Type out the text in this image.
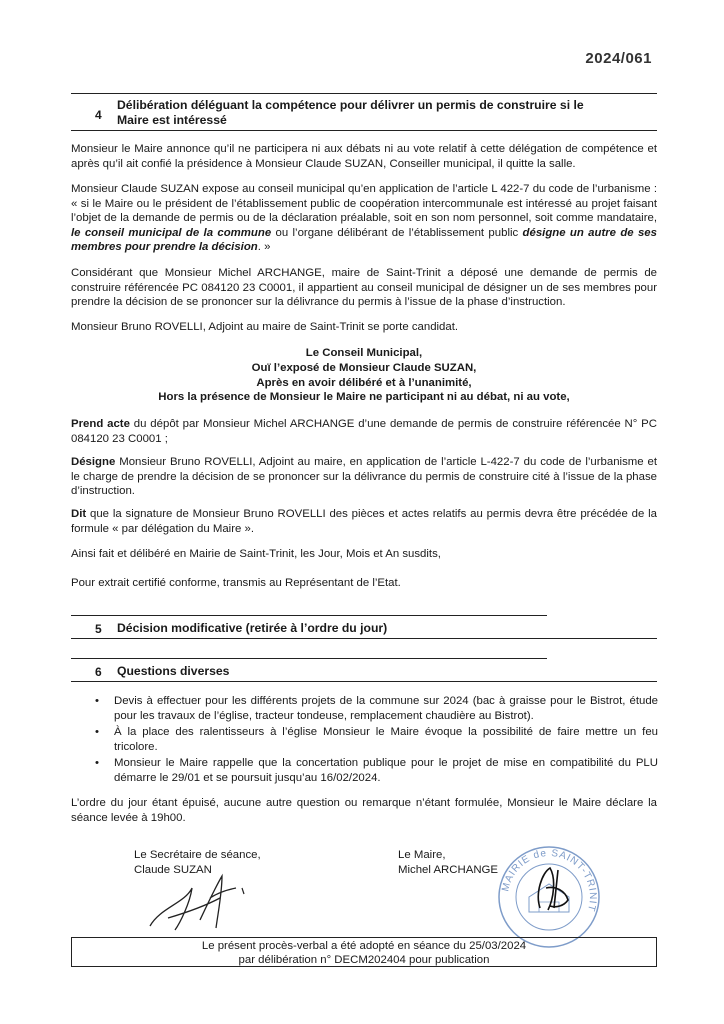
2024/061
4
Délibération déléguant la compétence pour délivrer un permis de construire si le
Maire est intéressé
Monsieur le Maire annonce qu’il ne participera ni aux débats ni au vote relatif à cette délégation de compétence et après qu’il ait confié la présidence à Monsieur Claude SUZAN, Conseiller municipal, il quitte la salle.
Monsieur Claude SUZAN expose au conseil municipal qu’en application de l’article L 422-7 du code de l’urbanisme : « si le Maire ou le président de l’établissement public de coopération intercommunale est intéressé au projet faisant l’objet de la demande de permis ou de la déclaration préalable, soit en son nom personnel, soit comme mandataire, le conseil municipal de la commune ou l’organe délibérant de l’établissement public désigne un autre de ses membres pour prendre la décision. »
Considérant que Monsieur Michel ARCHANGE, maire de Saint-Trinit a déposé une demande de permis de construire référencée PC 084120 23 C0001, il appartient au conseil municipal de désigner un de ses membres pour prendre la décision de se prononcer sur la délivrance du permis à l’issue de la phase d’instruction.
Monsieur Bruno ROVELLI, Adjoint au maire de Saint-Trinit se porte candidat.
Le Conseil Municipal,
Ouï l’exposé de Monsieur Claude SUZAN,
Après en avoir délibéré et à l’unanimité,
Hors la présence de Monsieur le Maire ne participant ni au débat, ni au vote,
Prend acte du dépôt par Monsieur Michel ARCHANGE d’une demande de permis de construire référencée N° PC 084120 23 C0001 ;
Désigne Monsieur Bruno ROVELLI, Adjoint au maire, en application de l’article L-422-7 du code de l’urbanisme et le charge de prendre la décision de se prononcer sur la délivrance du permis de construire cité à l’issue de la phase d’instruction.
Dit que la signature de Monsieur Bruno ROVELLI des pièces et actes relatifs au permis devra être précédée de la formule « par délégation du Maire ».
Ainsi fait et délibéré en Mairie de Saint-Trinit, les Jour, Mois et An susdits,
Pour extrait certifié conforme, transmis au Représentant de l’Etat.
5 Décision modificative (retirée à l’ordre du jour)
6 Questions diverses
• Devis à effectuer pour les différents projets de la commune sur 2024 (bac à graisse pour le Bistrot, étude pour les travaux de l’église, tracteur tondeuse, remplacement chaudière au Bistrot).
• À la place des ralentisseurs à l’église Monsieur le Maire évoque la possibilité de faire mettre un feu tricolore.
• Monsieur le Maire rappelle que la concertation publique pour le projet de mise en compatibilité du PLU démarre le 29/01 et se poursuit jusqu’au 16/02/2024.
L’ordre du jour étant épuisé, aucune autre question ou remarque n’étant formulée, Monsieur le Maire déclare la séance levée à 19h00.
Le Secrétaire de séance,
Claude SUZAN
Le Maire,
Michel ARCHANGE
MAIRIE de SAINT-TRINIT
Le présent procès-verbal a été adopté en séance du 25/03/2024
par délibération n° DECM202404 pour publication
